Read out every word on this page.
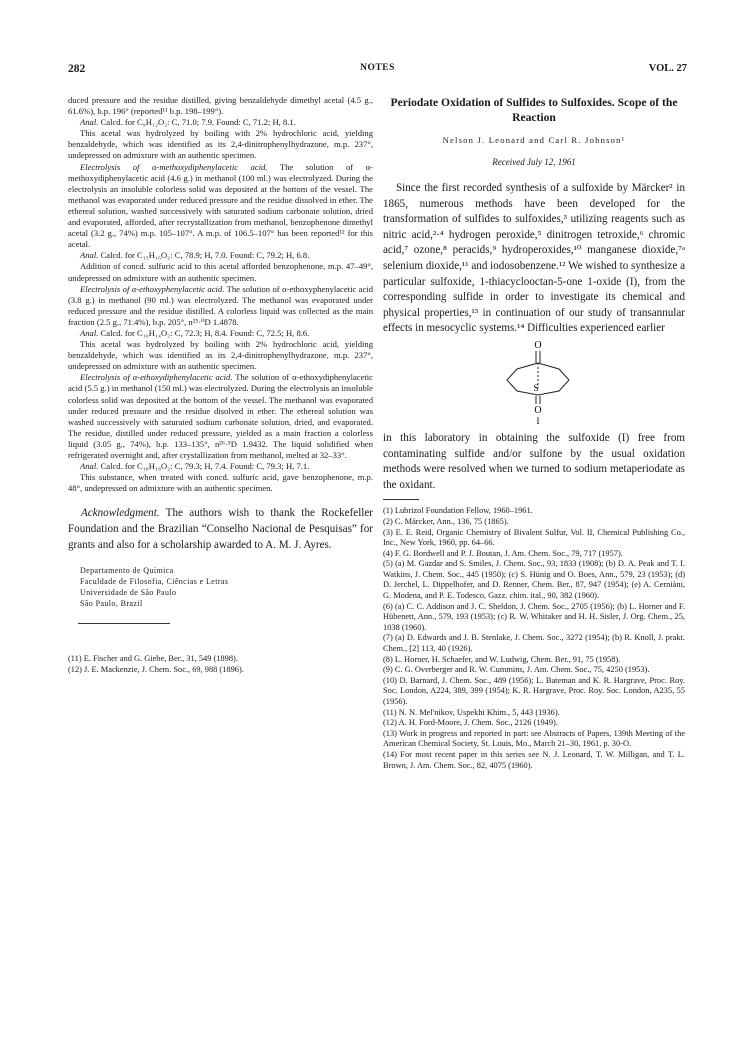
282	NOTES	VOL. 27

duced pressure and the residue distilled, giving benzaldehyde dimethyl acetal (4.5 g., 61.6%), b.p. 196° (reported¹¹ b.p. 198–199°).

Anal. Calcd. for C₉H₁₂O₂: C, 71.0; 7.9. Found: C, 71.2; H, 8.1.

This acetal was hydrolyzed by boiling with 2% hydrochloric acid, yielding benzaldehyde, which was identified as its 2,4-dinitrophenylhydrazone, m.p. 237°, undepressed on admixture with an authentic specimen.

Electrolysis of α-methoxydiphenylacetic acid. The solution of α-methoxydiphenylacetic acid (4.6 g.) in methanol (100 ml.) was electrolyzed. During the electrolysis an insoluble colorless solid was deposited at the bottom of the vessel. The methanol was evaporated under reduced pressure and the residue dissolved in ether. The ethereal solution, washed successively with saturated sodium carbonate solution, dried and evaporated, afforded, after recrystallization from methanol, benzophenone dimethyl acetal (3.2 g., 74%) m.p. 105–107°. A m.p. of 106.5–107° has been reported¹² for this acetal.

Anal. Calcd. for C₁₅H₁₆O₂: C, 78.9; H, 7.0. Found: C, 79.2; H, 6.8.

Addition of concd. sulfuric acid to this acetal afforded benzophenone, m.p. 47–49°, undepressed on admixture with an authentic specimen.

Electrolysis of α-ethoxyphenylacetic acid. The solution of α-ethoxyphenylacetic acid (3.8 g.) in methanol (90 ml.) was electrolyzed. The methanol was evaporated under reduced pressure and the residue distilled. A colorless liquid was collected as the main fraction (2.5 g., 71.4%), b.p. 205°, n²⁵·⁰D 1.4878.

Anal. Calcd. for C₁₀H₁₄O₂: C, 72.3; H, 8.4. Found: C, 72.5; H, 8.6.

This acetal was hydrolyzed by boiling with 2% hydrochloric acid, yielding benzaldehyde, which was identified as its 2,4-dinitrophenylhydrazone, m.p. 237°, undepressed on admixture with an authentic specimen.

Electrolysis of α-ethoxydiphenylacetic acid. The solution of α-ethoxydiphenylacetic acid (5.5 g.) in methanol (150 ml.) was electrolyzed. During the electrolysis an insoluble colorless solid was deposited at the bottom of the vessel. The methanol was evaporated under reduced pressure and the residue disolved in ether. The ethereal solution was washed successively with saturated sodium carbonate solution, dried, and evaporated. The residue, distilled under reduced pressure, yielded as a main fraction a colorless liquid (3.05 g., 74%), b.p. 133–135°, n²⁶·⁵D 1.9432. The liquid solidified when refrigerated overnight and, after crystallization from methanol, melted at 32–33°.

Anal. Calcd. for C₁₆H₁₈O₂: C, 79.3; H, 7.4. Found: C, 79.3; H, 7.1.

This substance, when treated with concd. sulfuric acid, gave benzophenone, m.p. 48°, undepressed on admixture with an authentic specimen.

Acknowledgment. The authors wish to thank the Rockefeller Foundation and the Brazilian “Conselho Nacional de Pesquisas” for grants and also for a scholarship awarded to A. M. J. Ayres.

Departamento de Química

Faculdade de Filosofia, Ciências e Letras

Universidade de São Paulo

São Paulo, Brazil

(11) E. Fischer and G. Giebe, Ber., 31, 549 (1898).

(12) J. E. Mackenzie, J. Chem. Soc., 69, 988 (1896).

Periodate Oxidation of Sulfides to Sulfoxides. Scope of the Reaction

Nelson J. Leonard and Carl R. Johnson¹

Received July 12, 1961

Since the first recorded synthesis of a sulfoxide by Märcker² in 1865, numerous methods have been developed for the transformation of sulfides to sulfoxides,³ utilizing reagents such as nitric acid,²·⁴ hydrogen peroxide,⁵ dinitrogen tetroxide,⁶ chromic acid,⁷ ozone,⁸ peracids,⁹ hydroperoxides,¹⁰ manganese dioxide,⁷ᵃ selenium dioxide,¹¹ and iodosobenzene.¹² We wished to synthesize a particular sulfoxide, 1-thiacyclooctan-5-one 1-oxide (I), from the corresponding sulfide in order to investigate its chemical and physical properties,¹³ in continuation of our study of transannular effects in mesocyclic systems.¹⁴ Difficulties experienced earlier

O
S
O
I

in this laboratory in obtaining the sulfoxide (I) free from contaminating sulfide and/or sulfone by the usual oxidation methods were resolved when we turned to sodium metaperiodate as the oxidant.

(1) Lubrizol Foundation Fellow, 1960–1961.

(2) C. Märcker, Ann., 136, 75 (1865).

(3) E. E. Reid, Organic Chemistry of Bivalent Sulfur, Vol. II, Chemical Publishing Co., Inc., New York, 1960, pp. 64–66.

(4) F. G. Bordwell and P. J. Boutan, J. Am. Chem. Soc., 79, 717 (1957).

(5) (a) M. Gazdar and S. Smiles, J. Chem. Soc., 93, 1833 (1908); (b) D. A. Peak and T. I. Watkins, J. Chem. Soc., 445 (1950); (c) S. Hünig and O. Boes, Ann., 579, 23 (1953); (d) D. Jerchel, L. Dippelhofer, and D. Renner, Chem. Ber., 87, 947 (1954); (e) A. Cerniàni, G. Modena, and P. E. Todesco, Gazz. chim. ital., 90, 382 (1960).

(6) (a) C. C. Addison and J. C. Sheldon, J. Chem. Soc., 2705 (1956); (b) L. Horner and F. Hübenett, Ann., 579, 193 (1953); (c) R. W. Whitaker and H. H. Sisler, J. Org. Chem., 25, 1038 (1960).

(7) (a) D. Edwards and J. B. Stenlake, J. Chem. Soc., 3272 (1954); (b) R. Knoll, J. prakt. Chem., [2] 113, 40 (1926).

(8) L. Horner, H. Schaefer, and W. Ludwig, Chem. Ber., 91, 75 (1958).

(9) C. G. Overberger and R. W. Cummins, J. Am. Chem. Soc., 75, 4250 (1953).

(10) D. Barnard, J. Chem. Soc., 489 (1956); L. Bateman and K. R. Hargrave, Proc. Roy. Soc. London, A224, 389, 399 (1954); K. R. Hargrave, Proc. Roy. Soc. London, A235, 55 (1956).

(11) N. N. Mel'nikov, Uspekhi Khim., 5, 443 (1936).

(12) A. H. Ford-Moore, J. Chem. Soc., 2126 (1949).

(13) Work in progress and reported in part: see Abstracts of Papers, 139th Meeting of the American Chemical Society, St. Louis, Mo., March 21–30, 1961, p. 30-O.

(14) For most recent paper in this series see N. J. Leonard, T. W. Milligan, and T. L. Brown, J. Am. Chem. Soc., 82, 4075 (1960).
